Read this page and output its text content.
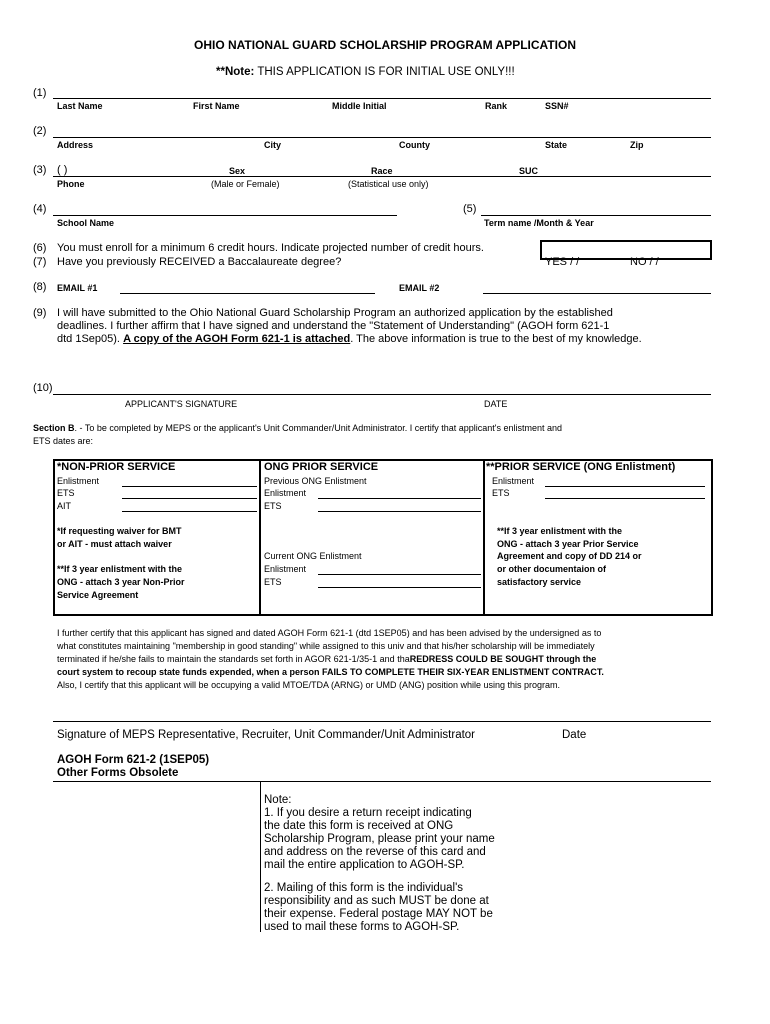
OHIO NATIONAL GUARD SCHOLARSHIP PROGRAM APPLICATION
**Note: THIS APPLICATION IS FOR INITIAL USE ONLY!!!
(1)
Last Name	First Name	Middle Initial	Rank	SSN#
(2)
Address	City	County	State	Zip
(3) ( )	Sex	Race	SUC
Phone	(Male or Female)	(Statistical use only)
(4)
School Name
(5)
Term name /Month & Year
(6) You must enroll for a minimum 6 credit hours. Indicate projected number of credit hours.
(7) Have you previously RECEIVED a Baccalaureate degree?	YES / /	NO / /
(8) EMAIL #1	EMAIL #2
(9) I will have submitted to the Ohio National Guard Scholarship Program an authorized application by the established
deadlines. I further affirm that I have signed and understand the "Statement of Understanding" (AGOH form 621-1
dtd 1Sep05). A copy of the AGOH Form 621-1 is attached. The above information is true to the best of my knowledge.
(10)
APPLICANT'S SIGNATURE	DATE
Section B. - To be completed by MEPS or the applicant's Unit Commander/Unit Administrator. I certify that applicant's enlistment and
ETS dates are:
*NON-PRIOR SERVICE
Enlistment
ETS
AIT
*If requesting waiver for BMT
or AIT - must attach waiver
**If 3 year enlistment with the
ONG - attach 3 year Non-Prior
Service Agreement
ONG PRIOR SERVICE
Previous ONG Enlistment
Enlistment
ETS
Current ONG Enlistment
Enlistment
ETS
**PRIOR SERVICE (ONG Enlistment)
Enlistment
ETS
**If 3 year enlistment with the
ONG - attach 3 year Prior Service
Agreement and copy of DD 214 or
or other documentaion of
satisfactory service
I further certify that this applicant has signed and dated AGOH Form 621-1 (dtd 1SEP05) and has been advised by the undersigned as to
what constitutes maintaining "membership in good standing" while assigned to this univ and that his/her scholarship will be immediately
terminated if he/she fails to maintain the standards set forth in AGOR 621-1/35-1 and thaREDRESS COULD BE SOUGHT through the
court system to recoup state funds expended, when a person FAILS TO COMPLETE THEIR SIX-YEAR ENLISTMENT CONTRACT.
Also, I certify that this applicant will be occupying a valid MTOE/TDA (ARNG) or UMD (ANG) position while using this program.
Signature of MEPS Representative, Recruiter, Unit Commander/Unit Administrator	Date
AGOH Form 621-2 (1SEP05)
Other Forms Obsolete
Note:
1. If you desire a return receipt indicating
the date this form is received at ONG
Scholarship Program, please print your name
and address on the reverse of this card and
mail the entire application to AGOH-SP.
2. Mailing of this form is the individual's
responsibility and as such MUST be done at
their expense. Federal postage MAY NOT be
used to mail these forms to AGOH-SP.
